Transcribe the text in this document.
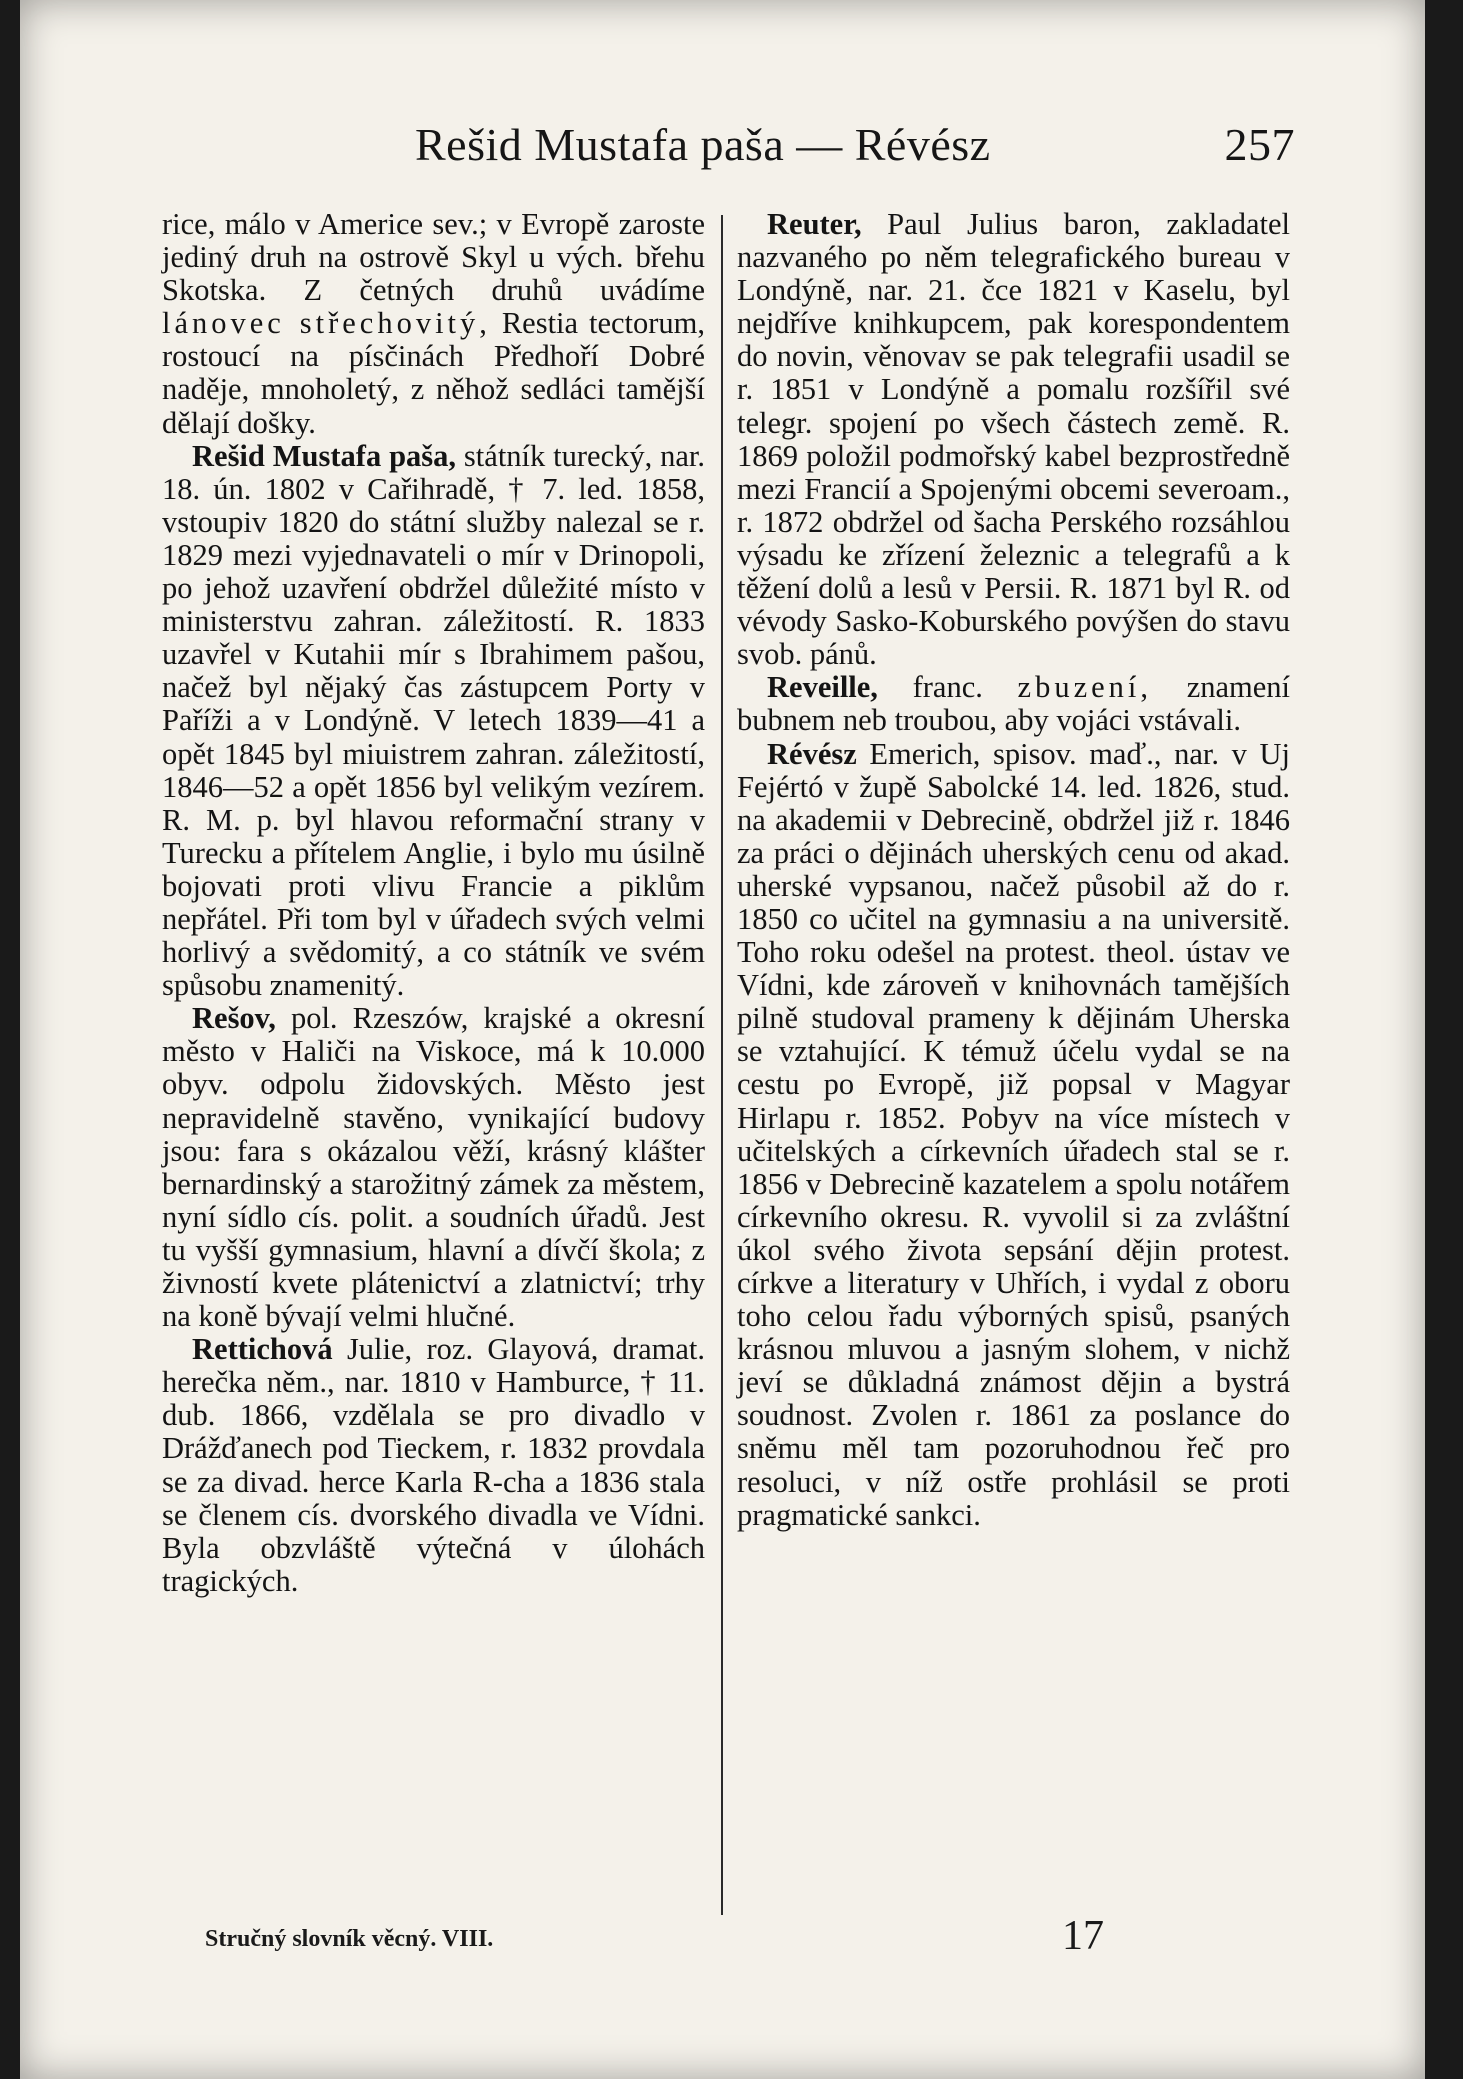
Rešid Mustafa paša — Révész	257

rice, málo v Americe sev.; v Evropě zaroste jediný druh na ostrově Skyl u vých. břehu Skotska. Z četných druhů uvádíme lánovec střechovitý, Restia tectorum, rostoucí na písčinách Předhoří Dobré naděje, mnoholetý, z něhož sedláci tamější dělají došky.

Rešid Mustafa paša, státník turecký, nar. 18. ún. 1802 v Cařihradě, † 7. led. 1858, vstoupiv 1820 do státní služby nalezal se r. 1829 mezi vyjednavateli o mír v Drinopoli, po jehož uzavření obdržel důležité místo v ministerstvu zahran. záležitostí. R. 1833 uzavřel v Kutahii mír s Ibrahimem pašou, načež byl nějaký čas zástupcem Porty v Paříži a v Londýně. V letech 1839—41 a opět 1845 byl miuistrem zahran. záležitostí, 1846—52 a opět 1856 byl velikým vezírem. R. M. p. byl hlavou reformační strany v Turecku a přítelem Anglie, i bylo mu úsilně bojovati proti vlivu Francie a piklům nepřátel. Při tom byl v úřadech svých velmi horlivý a svědomitý, a co státník ve svém spůsobu znamenitý.

Rešov, pol. Rzeszów, krajské a okresní město v Haliči na Viskoce, má k 10.000 obyv. odpolu židovských. Město jest nepravidelně stavěno, vynikající budovy jsou: fara s okázalou věží, krásný klášter bernardinský a starožitný zámek za městem, nyní sídlo cís. polit. a soudních úřadů. Jest tu vyšší gymnasium, hlavní a dívčí škola; z živností kvete plátenictví a zlatnictví; trhy na koně bývají velmi hlučné.

Rettichová Julie, roz. Glayová, dramat. herečka něm., nar. 1810 v Hamburce, † 11. dub. 1866, vzdělala se pro divadlo v Drážďanech pod Tieckem, r. 1832 provdala se za divad. herce Karla R-cha a 1836 stala se členem cís. dvorského divadla ve Vídni. Byla obzvláště výtečná v úlohách tragických.

Reuter, Paul Julius baron, zakladatel nazvaného po něm telegrafického bureau v Londýně, nar. 21. čce 1821 v Kaselu, byl nejdříve knihkupcem, pak korespondentem do novin, věnovav se pak telegrafii usadil se r. 1851 v Londýně a pomalu rozšířil své telegr. spojení po všech částech země. R. 1869 položil podmořský kabel bezprostředně mezi Francií a Spojenými obcemi severoam., r. 1872 obdržel od šacha Perského rozsáhlou výsadu ke zřízení železnic a telegrafů a k těžení dolů a lesů v Persii. R. 1871 byl R. od vévody Sasko-Koburského povýšen do stavu svob. pánů.

Reveille, franc. zbuzení, znamení bubnem neb troubou, aby vojáci vstávali.

Révész Emerich, spisov. maď., nar. v Uj Fejértó v župě Sabolcké 14. led. 1826, stud. na akademii v Debrecině, obdržel již r. 1846 za práci o dějinách uherských cenu od akad. uherské vypsanou, načež působil až do r. 1850 co učitel na gymnasiu a na universitě. Toho roku odešel na protest. theol. ústav ve Vídni, kde zároveň v knihovnách tamějších pilně studoval prameny k dějinám Uherska se vztahující. K témuž účelu vydal se na cestu po Evropě, již popsal v Magyar Hirlapu r. 1852. Pobyv na více místech v učitelských a církevních úřadech stal se r. 1856 v Debrecině kazatelem a spolu notářem církevního okresu. R. vyvolil si za zvláštní úkol svého života sepsání dějin protest. církve a literatury v Uhřích, i vydal z oboru toho celou řadu výborných spisů, psaných krásnou mluvou a jasným slohem, v nichž jeví se důkladná známost dějin a bystrá soudnost. Zvolen r. 1861 za poslance do sněmu měl tam pozoruhodnou řeč pro resoluci, v níž ostře prohlásil se proti pragmatické sankci.

Stručný slovník věcný. VIII.	17
